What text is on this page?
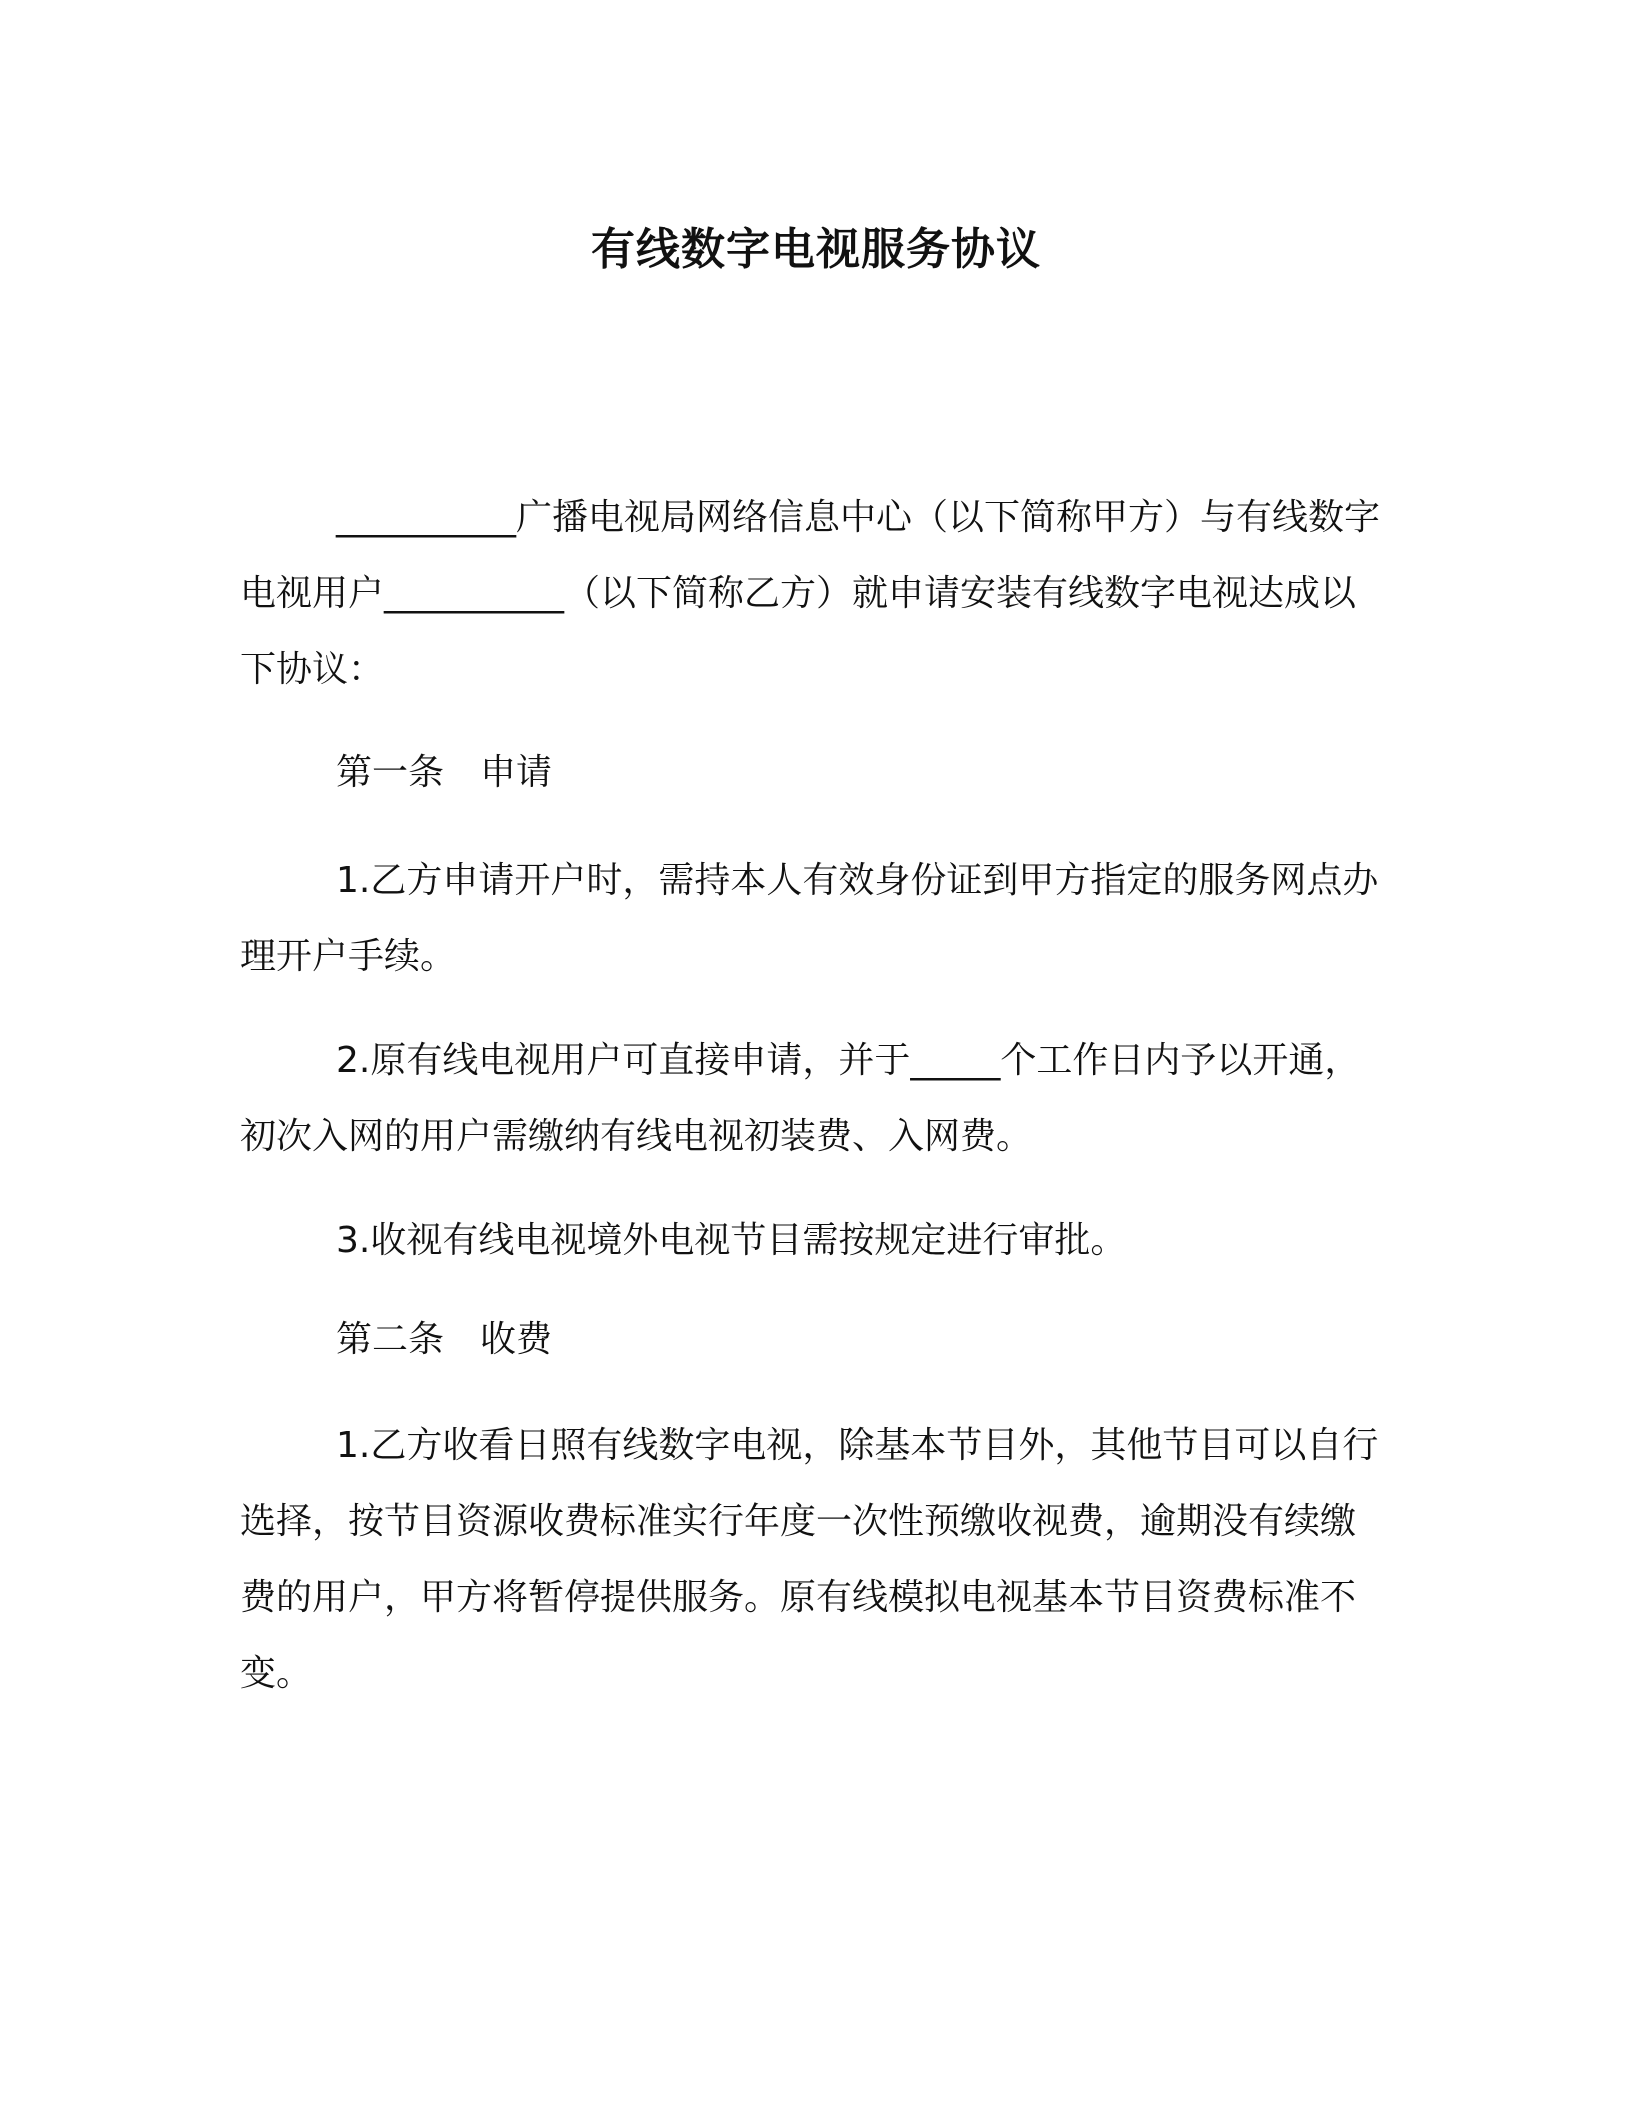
有线数字电视服务协议

__________广播电视局网络信息中心（以下简称甲方）与有线数字电视用户__________（以下简称乙方）就申请安装有线数字电视达成以下协议：

第一条　申请

1.乙方申请开户时，需持本人有效身份证到甲方指定的服务网点办理开户手续。

2.原有线电视用户可直接申请，并于_____个工作日内予以开通，初次入网的用户需缴纳有线电视初装费、入网费。

3.收视有线电视境外电视节目需按规定进行审批。

第二条　收费

1.乙方收看日照有线数字电视，除基本节目外，其他节目可以自行选择，按节目资源收费标准实行年度一次性预缴收视费，逾期没有续缴费的用户，甲方将暂停提供服务。原有线模拟电视基本节目资费标准不变。
